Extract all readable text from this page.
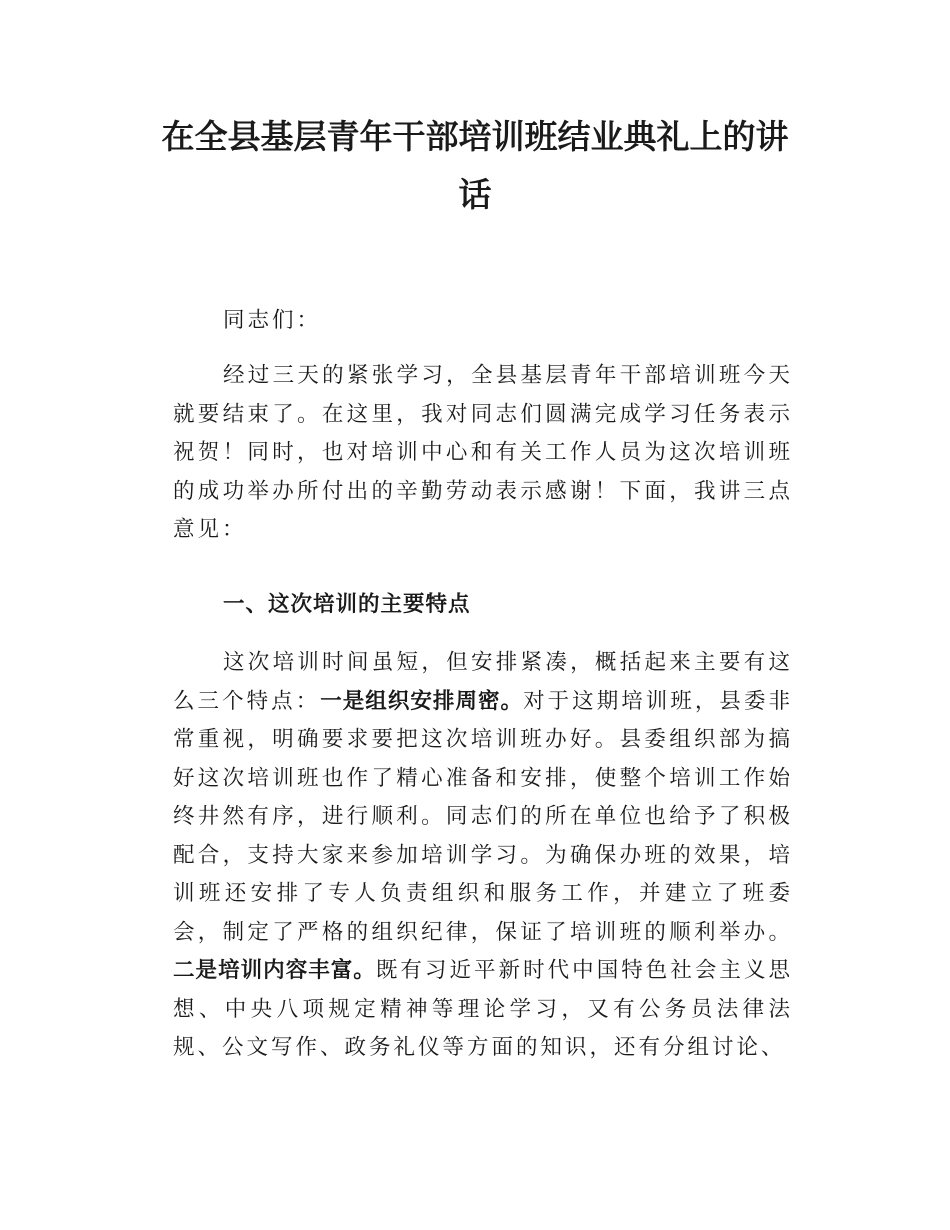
在全县基层青年干部培训班结业典礼上的讲话

同志们：

经过三天的紧张学习，全县基层青年干部培训班今天就要结束了。在这里，我对同志们圆满完成学习任务表示祝贺！同时，也对培训中心和有关工作人员为这次培训班的成功举办所付出的辛勤劳动表示感谢！下面，我讲三点意见：

一、这次培训的主要特点

这次培训时间虽短，但安排紧凑，概括起来主要有这么三个特点：一是组织安排周密。对于这期培训班，县委非常重视，明确要求要把这次培训班办好。县委组织部为搞好这次培训班也作了精心准备和安排，使整个培训工作始终井然有序，进行顺利。同志们的所在单位也给予了积极配合，支持大家来参加培训学习。为确保办班的效果，培训班还安排了专人负责组织和服务工作，并建立了班委会，制定了严格的组织纪律，保证了培训班的顺利举办。二是培训内容丰富。既有习近平新时代中国特色社会主义思想、中央八项规定精神等理论学习，又有公务员法律法规、公文写作、政务礼仪等方面的知识，还有分组讨论、
